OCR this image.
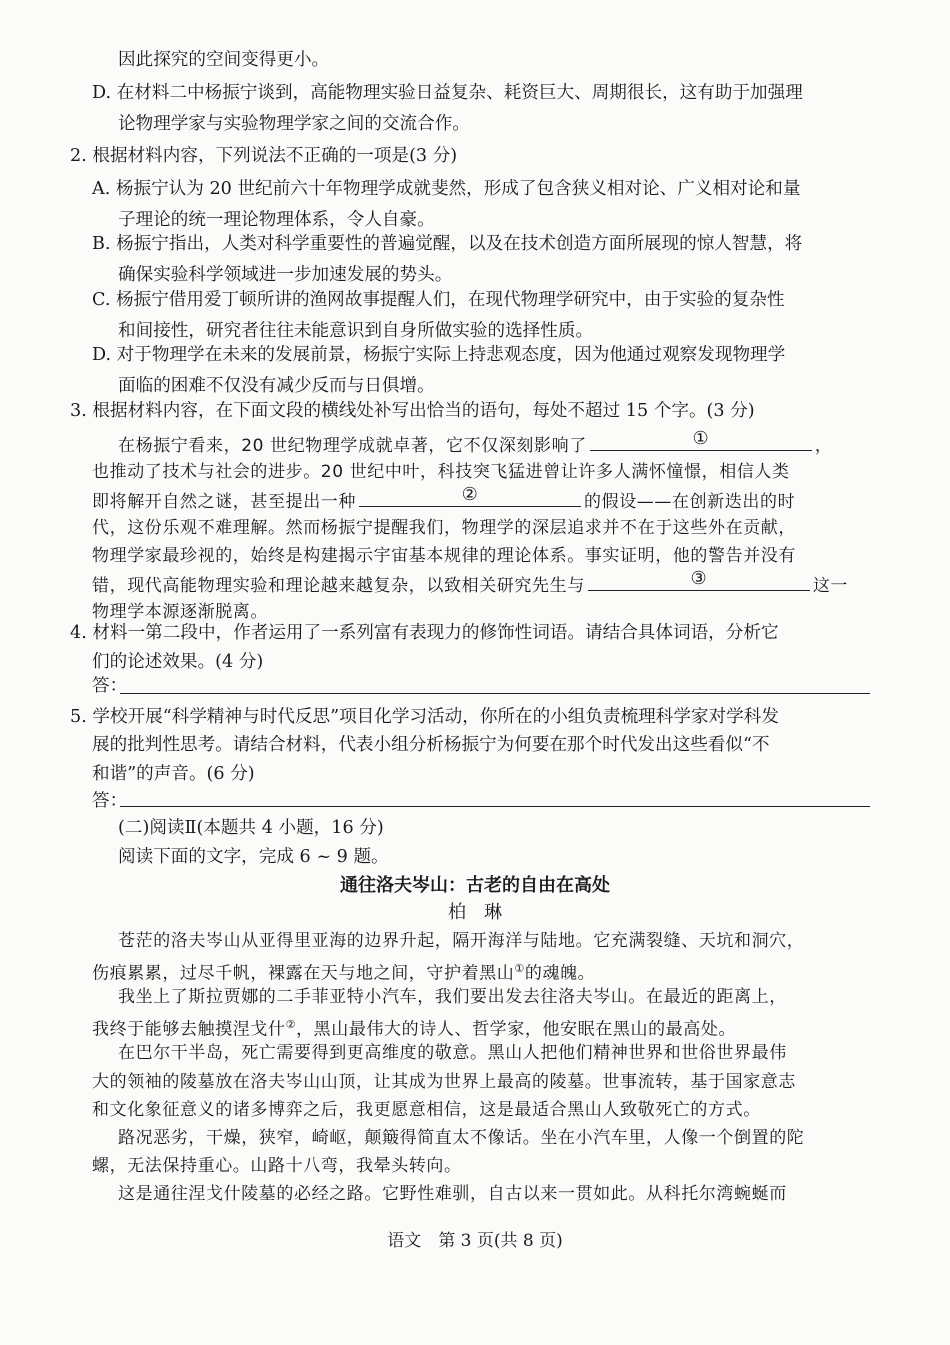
因此探究的空间变得更小。
D. 在材料二中杨振宁谈到，高能物理实验日益复杂、耗资巨大、周期很长，这有助于加强理
论物理学家与实验物理学家之间的交流合作。
2. 根据材料内容，下列说法不正确的一项是(3 分)
A. 杨振宁认为 20 世纪前六十年物理学成就斐然，形成了包含狭义相对论、广义相对论和量
子理论的统一理论物理体系，令人自豪。
B. 杨振宁指出，人类对科学重要性的普遍觉醒，以及在技术创造方面所展现的惊人智慧，将
确保实验科学领域进一步加速发展的势头。
C. 杨振宁借用爱丁顿所讲的渔网故事提醒人们，在现代物理学研究中，由于实验的复杂性
和间接性，研究者往往未能意识到自身所做实验的选择性质。
D. 对于物理学在未来的发展前景，杨振宁实际上持悲观态度，因为他通过观察发现物理学
面临的困难不仅没有减少反而与日俱增。
3. 根据材料内容，在下面文段的横线处补写出恰当的语句，每处不超过 15 个字。(3 分)
在杨振宁看来，20 世纪物理学成就卓著，它不仅深刻影响了	①	，
也推动了技术与社会的进步。20 世纪中叶，科技突飞猛进曾让许多人满怀憧憬，相信人类
即将解开自然之谜，甚至提出一种	②	的假设——在创新迭出的时
代，这份乐观不难理解。然而杨振宁提醒我们，物理学的深层追求并不在于这些外在贡献，
物理学家最珍视的，始终是构建揭示宇宙基本规律的理论体系。事实证明，他的警告并没有
错，现代高能物理实验和理论越来越复杂，以致相关研究先生与	③	这一
物理学本源逐渐脱离。
4. 材料一第二段中，作者运用了一系列富有表现力的修饰性词语。请结合具体词语，分析它
们的论述效果。(4 分)
答：
5. 学校开展“科学精神与时代反思”项目化学习活动，你所在的小组负责梳理科学家对学科发
展的批判性思考。请结合材料，代表小组分析杨振宁为何要在那个时代发出这些看似“不
和谐”的声音。(6 分)
答：
(二)阅读Ⅱ(本题共 4 小题，16 分)
阅读下面的文字，完成 6 ~ 9 题。
通往洛夫岑山：古老的自由在高处
柏　琳
苍茫的洛夫岑山从亚得里亚海的边界升起，隔开海洋与陆地。它充满裂缝、天坑和洞穴，
伤痕累累，过尽千帆，裸露在天与地之间，守护着黑山①的魂魄。
我坐上了斯拉贾娜的二手菲亚特小汽车，我们要出发去往洛夫岑山。在最近的距离上，
我终于能够去触摸涅戈什②，黑山最伟大的诗人、哲学家，他安眠在黑山的最高处。
在巴尔干半岛，死亡需要得到更高维度的敬意。黑山人把他们精神世界和世俗世界最伟
大的领袖的陵墓放在洛夫岑山山顶，让其成为世界上最高的陵墓。世事流转，基于国家意志
和文化象征意义的诸多博弈之后，我更愿意相信，这是最适合黑山人致敬死亡的方式。
路况恶劣，干燥，狭窄，崎岖，颠簸得简直太不像话。坐在小汽车里，人像一个倒置的陀
螺，无法保持重心。山路十八弯，我晕头转向。
这是通往涅戈什陵墓的必经之路。它野性难驯，自古以来一贯如此。从科托尔湾蜿蜒而
语文　第 3 页(共 8 页)
